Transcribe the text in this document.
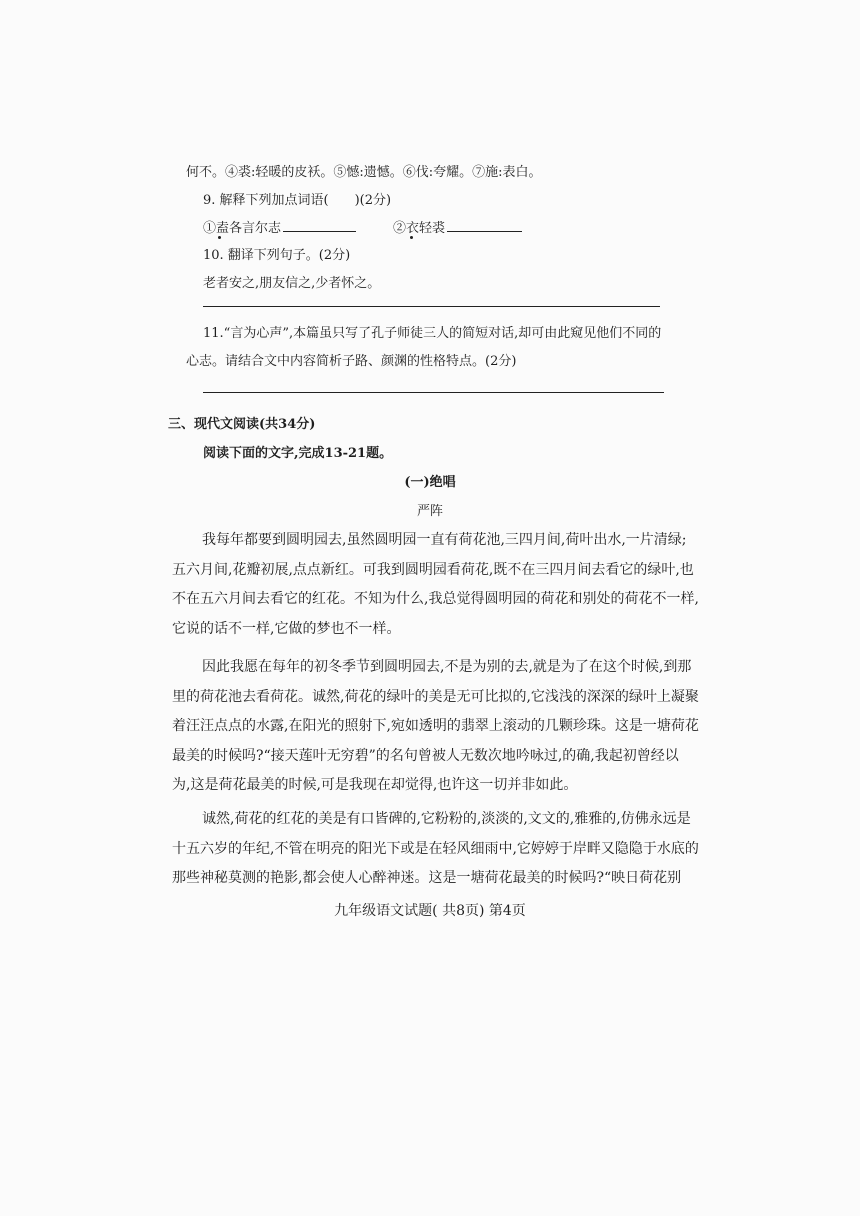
何不。④裘:轻暖的皮袄。⑤憾:遗憾。⑥伐:夸耀。⑦施:表白。
9. 解释下列加点词语(　　)(2分)
①盍各言尔志	②衣轻裘
10. 翻译下列句子。(2分)
老者安之,朋友信之,少者怀之。
11.“言为心声”,本篇虽只写了孔子师徒三人的简短对话,却可由此窥见他们不同的
心志。请结合文中内容简析子路、颜渊的性格特点。(2分)
三、现代文阅读(共34分)
阅读下面的文字,完成13-21题。
(一)绝唱
严阵
我每年都要到圆明园去,虽然圆明园一直有荷花池,三四月间,荷叶出水,一片清绿;
五六月间,花瓣初展,点点新红。可我到圆明园看荷花,既不在三四月间去看它的绿叶,也
不在五六月间去看它的红花。不知为什么,我总觉得圆明园的荷花和别处的荷花不一样,
它说的话不一样,它做的梦也不一样。
因此我愿在每年的初冬季节到圆明园去,不是为别的去,就是为了在这个时候,到那
里的荷花池去看荷花。诚然,荷花的绿叶的美是无可比拟的,它浅浅的深深的绿叶上凝聚
着汪汪点点的水露,在阳光的照射下,宛如透明的翡翠上滚动的几颗珍珠。这是一塘荷花
最美的时候吗?“接天莲叶无穷碧”的名句曾被人无数次地吟咏过,的确,我起初曾经以
为,这是荷花最美的时候,可是我现在却觉得,也许这一切并非如此。
诚然,荷花的红花的美是有口皆碑的,它粉粉的,淡淡的,文文的,雅雅的,仿佛永远是
十五六岁的年纪,不管在明亮的阳光下或是在轻风细雨中,它婷婷于岸畔又隐隐于水底的
那些神秘莫测的艳影,都会使人心醉神迷。这是一塘荷花最美的时候吗?“映日荷花别
九年级语文试题( 共8页) 第4页
